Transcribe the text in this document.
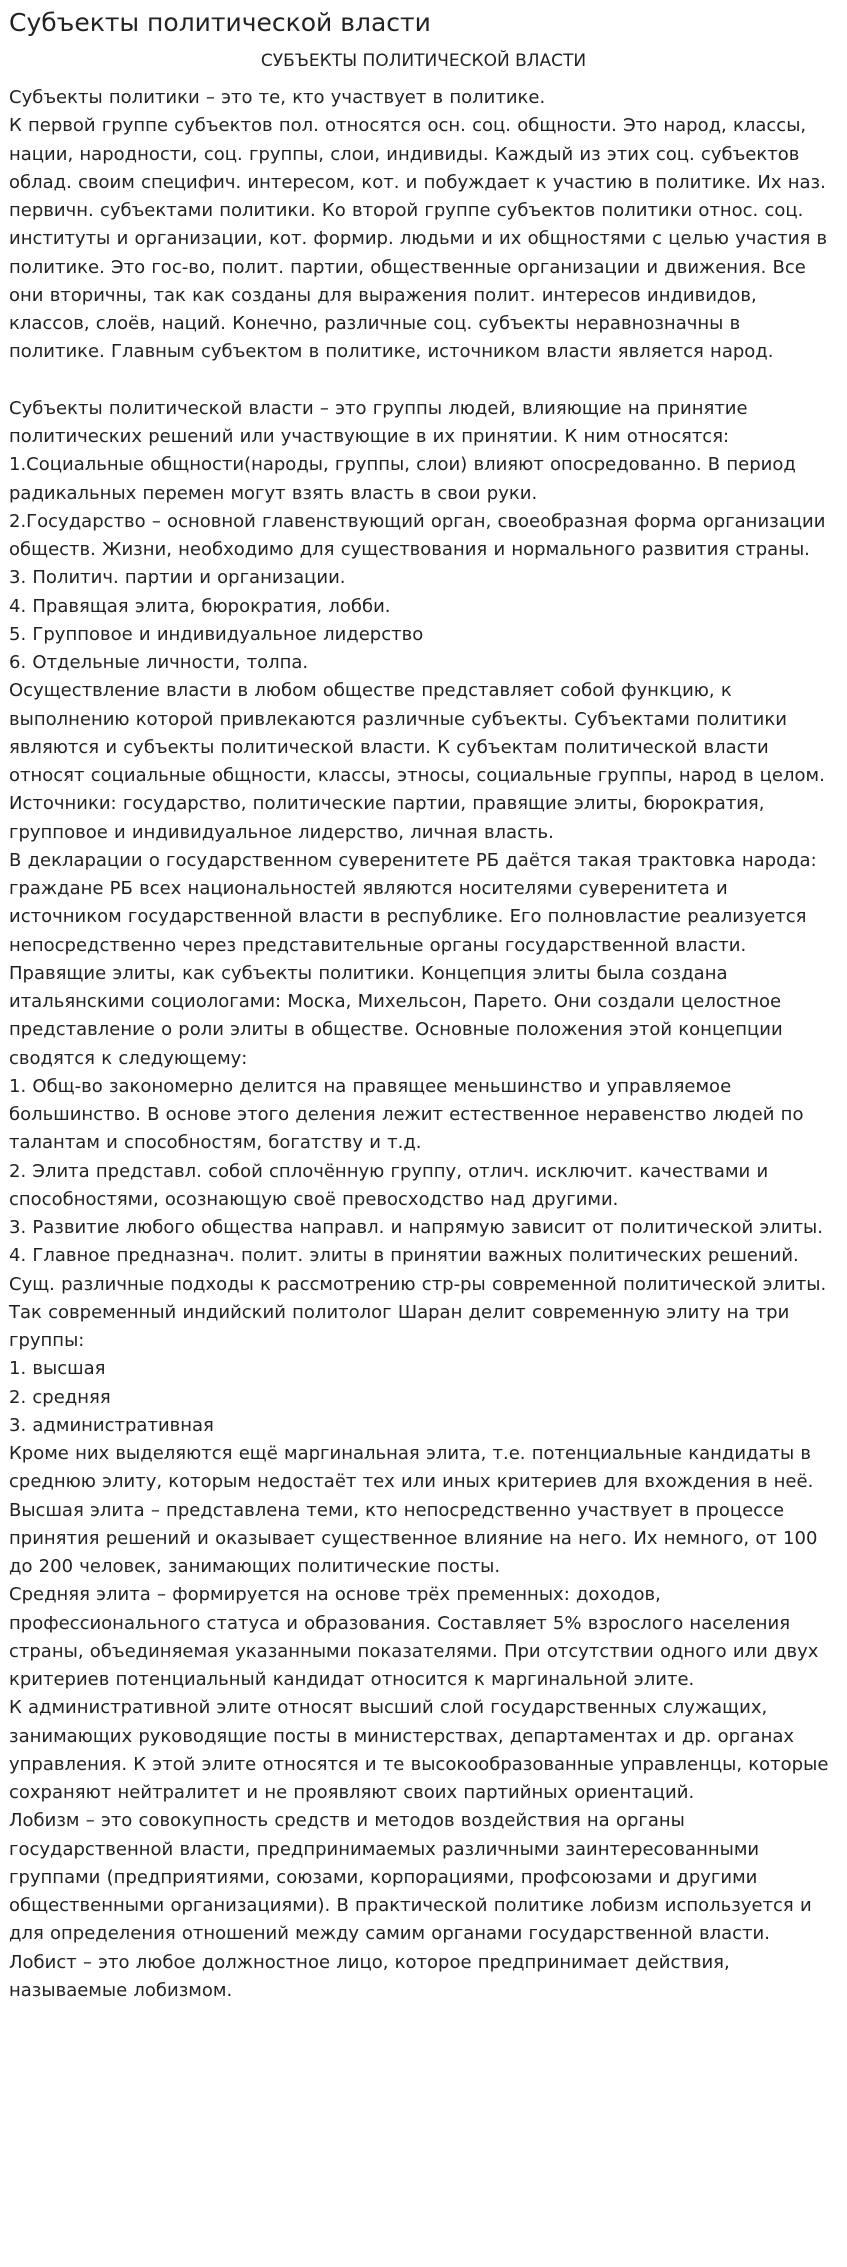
Субъекты политической власти
СУБЪЕКТЫ ПОЛИТИЧЕСКОЙ ВЛАСТИ

Субъекты политики – это те, кто участвует в политике.

К первой группе субъектов пол. относятся осн. соц. общности. Это народ, классы, нации, народности, соц. группы, слои, индивиды. Каждый из этих соц. субъектов облад. своим специфич. интересом, кот. и побуждает к участию в политике. Их наз. первичн. субъектами политики. Ко второй группе субъектов политики относ. соц. институты и организации, кот. формир. людьми и их общностями с целью участия в политике. Это гос-во, полит. партии, общественные организации и движения. Все они вторичны, так как созданы для выражения полит. интересов индивидов, классов, слоёв, наций. Конечно, различные соц. субъекты неравнозначны в политике. Главным субъектом в политике, источником власти является народ.

Субъекты политической власти – это группы людей, влияющие на принятие политических решений или участвующие в их принятии. К ним относятся:

1.Социальные общности(народы, группы, слои) влияют опосредованно. В период радикальных перемен могут взять власть в свои руки.

2.Государство – основной главенствующий орган, своеобразная форма организации обществ. Жизни, необходимо для существования и нормального развития страны.

3. Политич. партии и организации.

4. Правящая элита, бюрократия, лобби.

5. Групповое и индивидуальное лидерство

6. Отдельные личности, толпа.

Осуществление власти в любом обществе представляет собой функцию, к выполнению которой привлекаются различные субъекты. Субъектами политики являются и субъекты политической власти. К субъектам политической власти относят социальные общности, классы, этносы, социальные группы, народ в целом.

Источники: государство, политические партии, правящие элиты, бюрократия, групповое и индивидуальное лидерство, личная власть.

В декларации о государственном суверенитете РБ даётся такая трактовка народа: граждане РБ всех национальностей являются носителями суверенитета и источником государственной власти в республике. Его полновластие реализуется непосредственно через представительные органы государственной власти.

Правящие элиты, как субъекты политики. Концепция элиты была создана итальянскими социологами: Моска, Михельсон, Парето. Они создали целостное представление о роли элиты в обществе. Основные положения этой концепции сводятся к следующему:

1. Общ-во закономерно делится на правящее меньшинство и управляемое большинство. В основе этого деления лежит естественное неравенство людей по талантам и способностям, богатству и т.д.

2. Элита представл. собой сплочённую группу, отлич. исключит. качествами и способностями, осознающую своё превосходство над другими.

3. Развитие любого общества направл. и напрямую зависит от политической элиты.

4. Главное предназнач. полит. элиты в принятии важных политических решений.

Сущ. различные подходы к рассмотрению стр-ры современной политической элиты. Так современный индийский политолог Шаран делит современную элиту на три группы:

1. высшая

2. средняя

3. административная

Кроме них выделяются ещё маргинальная элита, т.е. потенциальные кандидаты в среднюю элиту, которым недостаёт тех или иных критериев для вхождения в неё.

Высшая элита – представлена теми, кто непосредственно участвует в процессе принятия решений и оказывает существенное влияние на него. Их немного, от 100 до 200 человек, занимающих политические посты.

Средняя элита – формируется на основе трёх пременных: доходов, профессионального статуса и образования. Составляет 5% взрослого населения страны, объединяемая указанными показателями. При отсутствии одного или двух критериев потенциальный кандидат относится к маргинальной элите.

К административной элите относят высший слой государственных служащих, занимающих руководящие посты в министерствах, департаментах и др. органах управления. К этой элите относятся и те высокообразованные управленцы, которые сохраняют нейтралитет и не проявляют своих партийных ориентаций.

Лобизм – это совокупность средств и методов воздействия на органы государственной власти, предпринимаемых различными заинтересованными группами (предприятиями, союзами, корпорациями, профсоюзами и другими общественными организациями). В практической политике лобизм используется и для определения отношений между самим органами государственной власти.

Лобист – это любое должностное лицо, которое предпринимает действия, называемые лобизмом.
